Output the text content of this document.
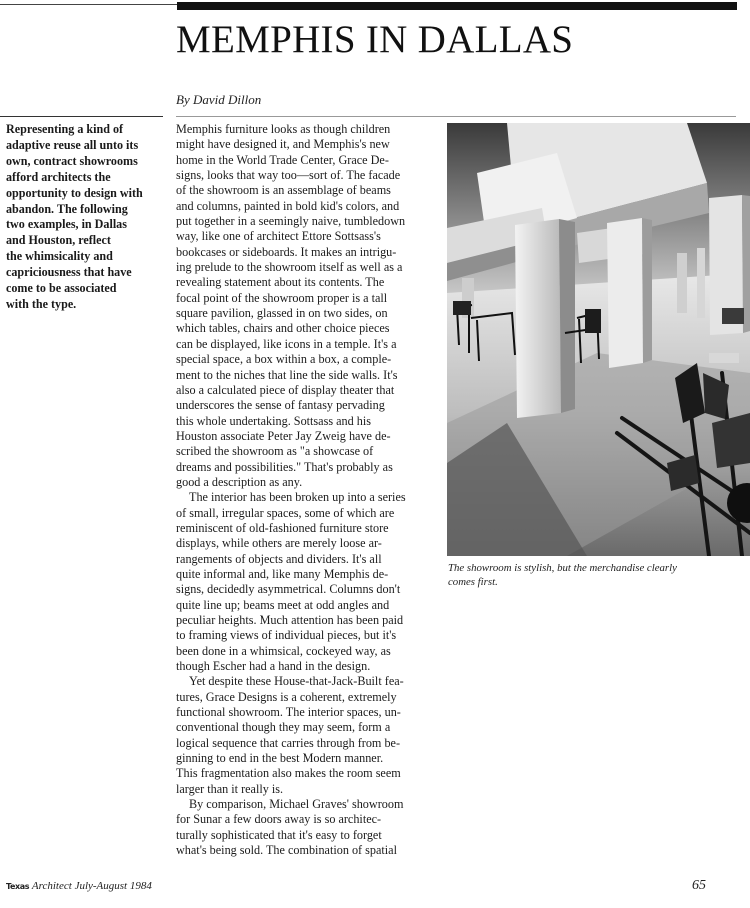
MEMPHIS IN DALLAS
By David Dillon
Representing a kind of
adaptive reuse all unto its
own, contract showrooms
afford architects the
opportunity to design with
abandon. The following
two examples, in Dallas
and Houston, reflect
the whimsicality and
capriciousness that have
come to be associated
with the type.
Memphis furniture looks as though children
might have designed it, and Memphis's new
home in the World Trade Center, Grace De-
signs, looks that way too—sort of. The facade
of the showroom is an assemblage of beams
and columns, painted in bold kid's colors, and
put together in a seemingly naive, tumbledown
way, like one of architect Ettore Sottsass's
bookcases or sideboards. It makes an intrigu-
ing prelude to the showroom itself as well as a
revealing statement about its contents. The
focal point of the showroom proper is a tall
square pavilion, glassed in on two sides, on
which tables, chairs and other choice pieces
can be displayed, like icons in a temple. It's a
special space, a box within a box, a comple-
ment to the niches that line the side walls. It's
also a calculated piece of display theater that
underscores the sense of fantasy pervading
this whole undertaking. Sottsass and his
Houston associate Peter Jay Zweig have de-
scribed the showroom as "a showcase of
dreams and possibilities." That's probably as
good a description as any.
The interior has been broken up into a series
of small, irregular spaces, some of which are
reminiscent of old-fashioned furniture store
displays, while others are merely loose ar-
rangements of objects and dividers. It's all
quite informal and, like many Memphis de-
signs, decidedly asymmetrical. Columns don't
quite line up; beams meet at odd angles and
peculiar heights. Much attention has been paid
to framing views of individual pieces, but it's
been done in a whimsical, cockeyed way, as
though Escher had a hand in the design.
Yet despite these House-that-Jack-Built fea-
tures, Grace Designs is a coherent, extremely
functional showroom. The interior spaces, un-
conventional though they may seem, form a
logical sequence that carries through from be-
ginning to end in the best Modern manner.
This fragmentation also makes the room seem
larger than it really is.
By comparison, Michael Graves' showroom
for Sunar a few doors away is so architec-
turally sophisticated that it's easy to forget
what's being sold. The combination of spatial
The showroom is stylish, but the merchandise clearly
comes first.
Texas Architect July-August 1984	65
